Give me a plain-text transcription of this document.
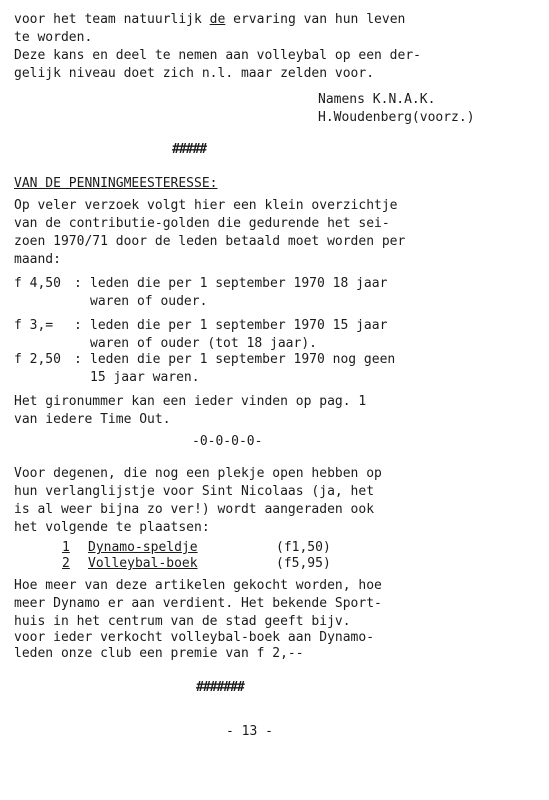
voor het team natuurlijk de ervaring van hun leven
te worden.
Deze kans en deel te nemen aan volleybal op een der-
gelijk niveau doet zich n.l. maar zelden voor.
Namens K.N.A.K.
H.Woudenberg(voorz.)
#####
VAN DE PENNINGMEESTERESSE:
Op veler verzoek volgt hier een klein overzichtje
van de contributie-golden die gedurende het sei-
zoen 1970/71 door de leden betaald moet worden per
maand:
f 4,50 : leden die per 1 september 1970 18 jaar
waren of ouder.
f 3,= : leden die per 1 september 1970 15 jaar
waren of ouder (tot 18 jaar).
f 2,50 : leden die per 1 september 1970 nog geen
15 jaar waren.
Het gironummer kan een ieder vinden op pag. 1
van iedere Time Out.
-0-0-0-0-
Voor degenen, die nog een plekje open hebben op
hun verlanglijstje voor Sint Nicolaas (ja, het
is al weer bijna zo ver!) wordt aangeraden ook
het volgende te plaatsen:
1 Dynamo-speldje	(f1,50)
2 Volleybal-boek	(f5,95)
Hoe meer van deze artikelen gekocht worden, hoe
meer Dynamo er aan verdient. Het bekende Sport-
huis in het centrum van de stad geeft bijv.
voor ieder verkocht volleybal-boek aan Dynamo-
leden onze club een premie van f 2,--
#######
- 13 -
